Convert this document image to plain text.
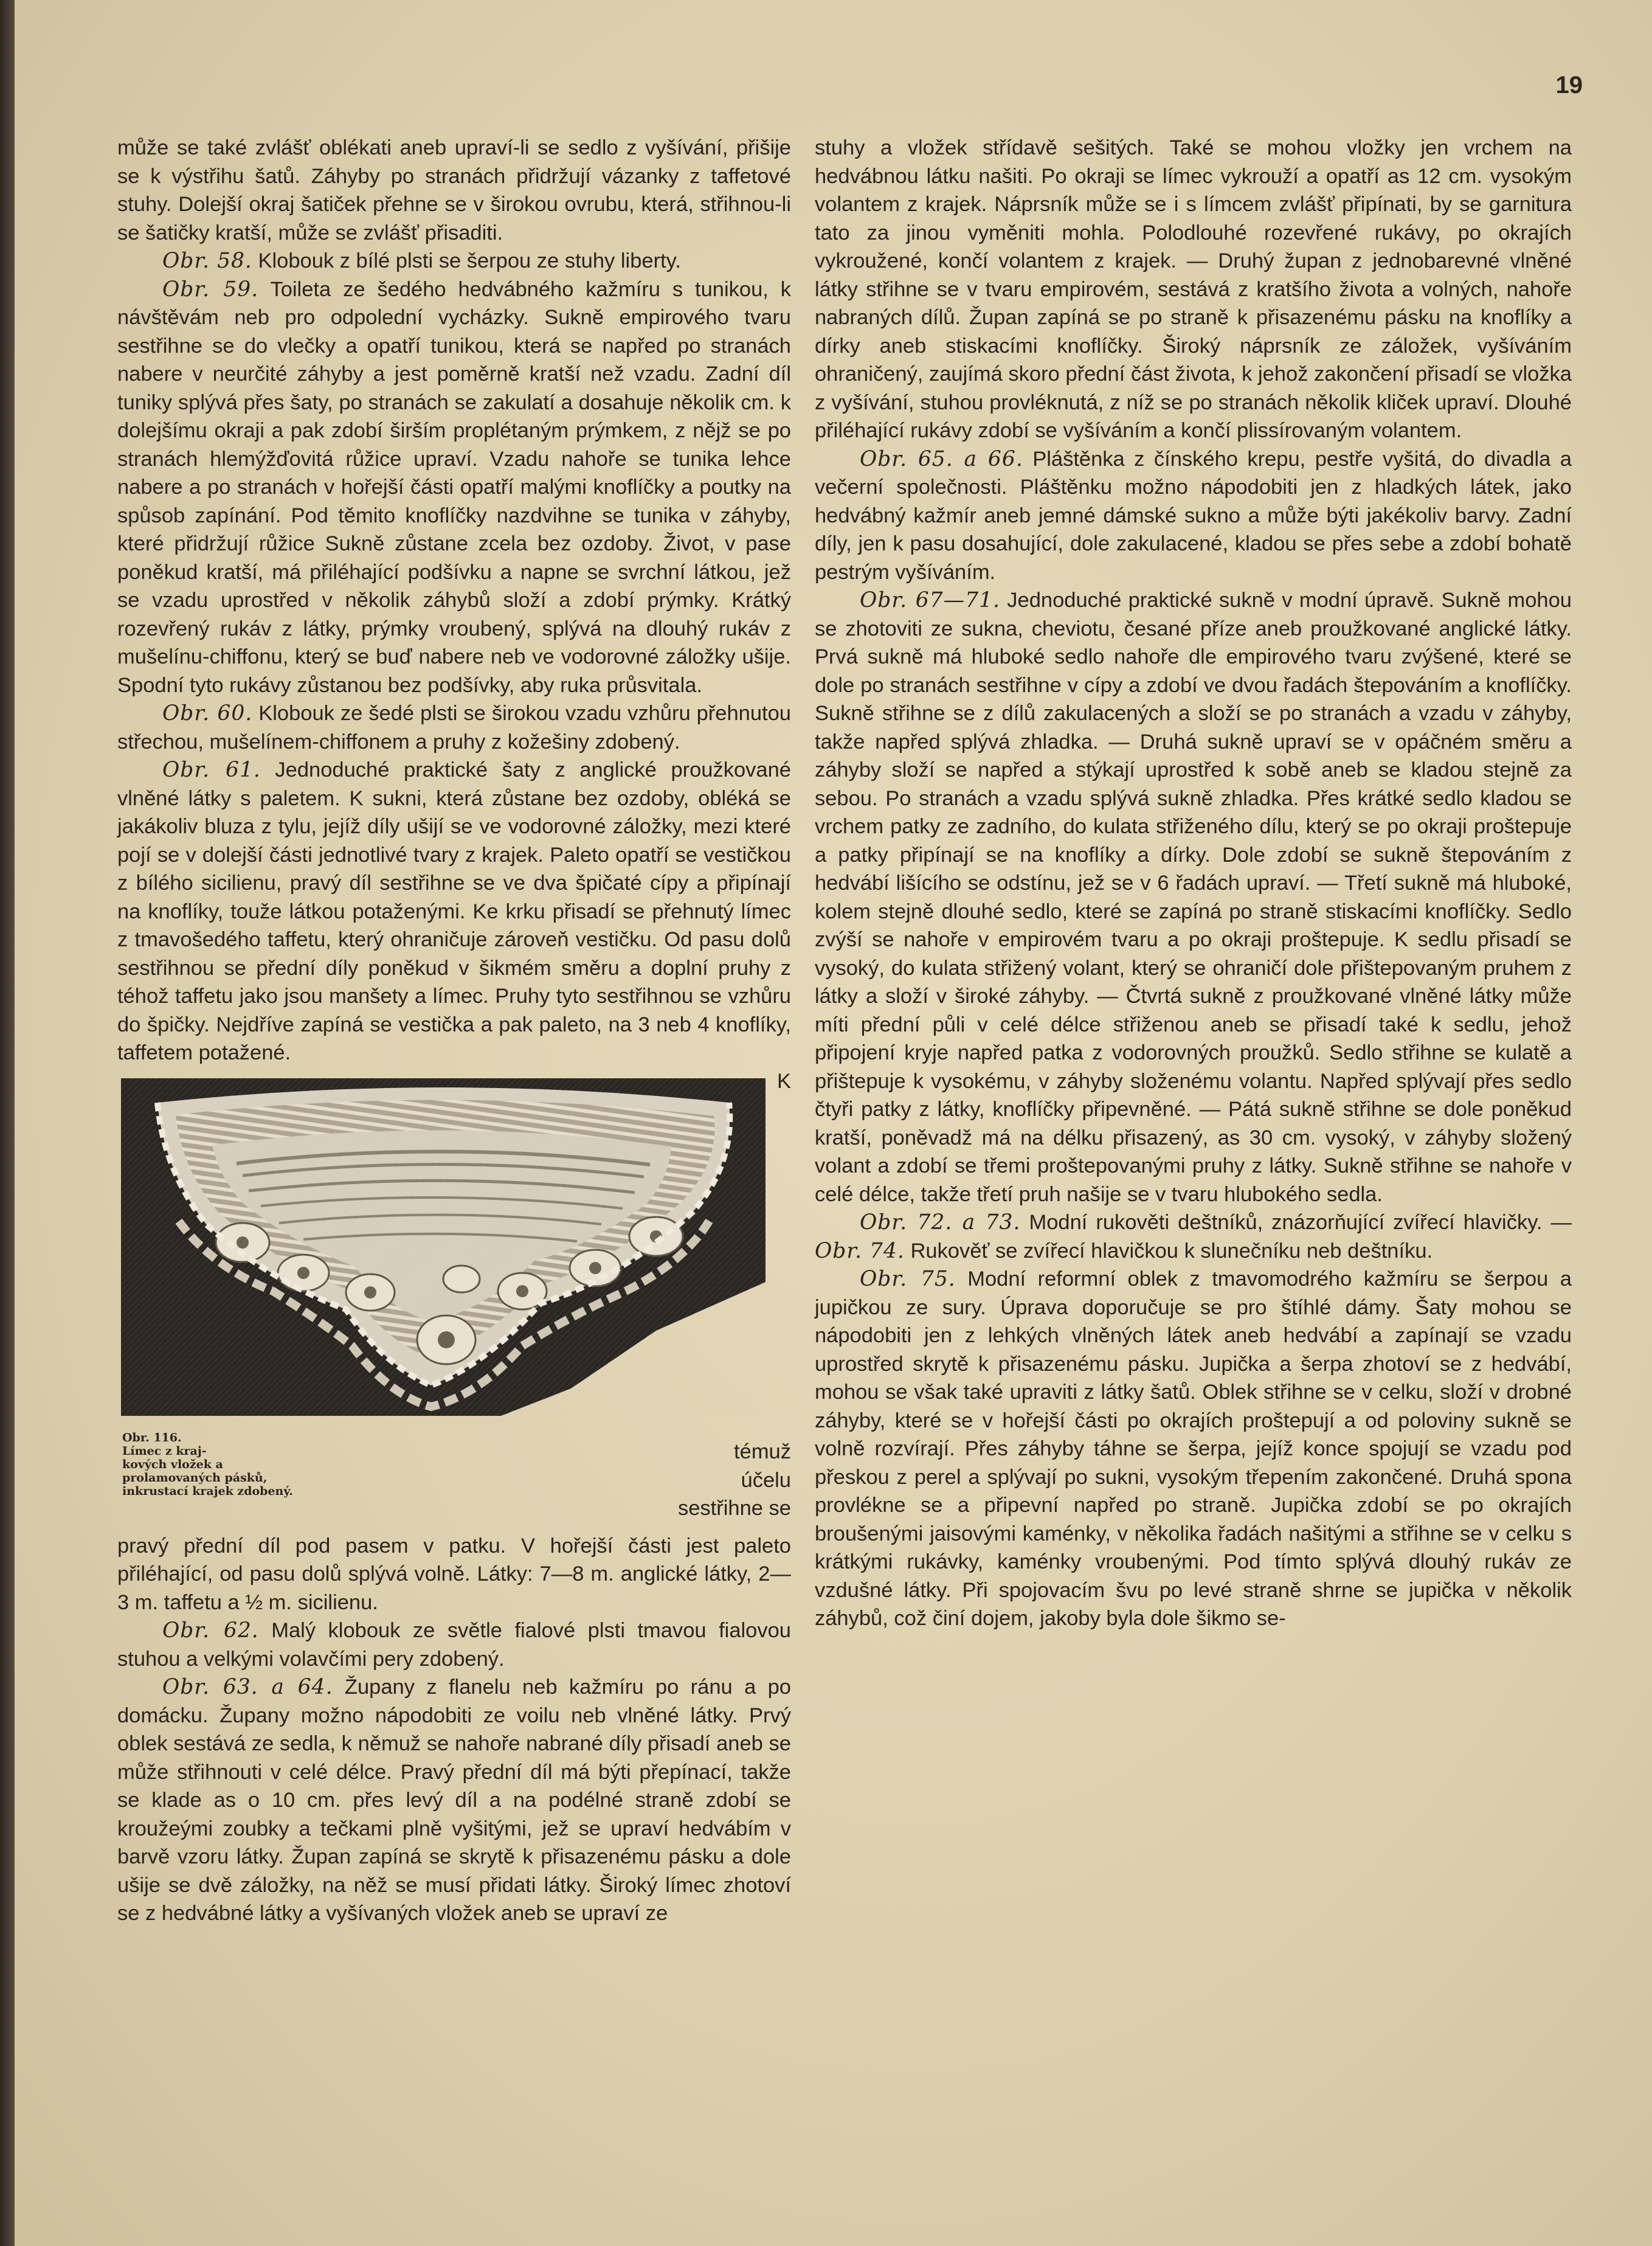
19

může se také zvlášť oblékati aneb upraví-li se sedlo z vyšívání, přišije se k výstřihu šatů. Záhyby po stranách přidržují vázanky z taffetové stuhy. Dolejší okraj šatiček přehne se v širokou ovrubu, která, střihnou-li se šatičky kratší, může se zvlášť přisaditi.

Obr. 58. Klobouk z bílé plsti se šerpou ze stuhy liberty.

Obr. 59. Toileta ze šedého hedvábného kažmíru s tunikou, k návštěvám neb pro odpolední vycházky. Sukně empirového tvaru sestřihne se do vlečky a opatří tunikou, která se napřed po stranách nabere v neurčité záhyby a jest poměrně kratší než vzadu. Zadní díl tuniky splývá přes šaty, po stranách se zakulatí a dosahuje několik cm. k dolejšímu okraji a pak zdobí širším proplétaným prýmkem, z nějž se po stranách hlemýžďovitá růžice upraví. Vzadu nahoře se tunika lehce nabere a po stranách v hořejší části opatří malými knoflíčky a poutky na spůsob zapínání. Pod těmito knoflíčky nazdvihne se tunika v záhyby, které přidržují růžice Sukně zůstane zcela bez ozdoby. Život, v pase poněkud kratší, má přiléhající podšívku a napne se svrchní látkou, jež se vzadu uprostřed v několik záhybů složí a zdobí prýmky. Krátký rozevřený rukáv z látky, prýmky vroubený, splývá na dlouhý rukáv z mušelínu-chiffonu, který se buď nabere neb ve vodorovné záložky ušije. Spodní tyto rukávy zůstanou bez podšívky, aby ruka průsvitala.

Obr. 60. Klobouk ze šedé plsti se širokou vzadu vzhůru přehnutou střechou, mušelínem-chiffonem a pruhy z kožešiny zdobený.

Obr. 61. Jednoduché praktické šaty z anglické proužkované vlněné látky s paletem. K sukni, která zůstane bez ozdoby, obléká se jakákoliv bluza z tylu, jejíž díly ušijí se ve vodorovné záložky, mezi které pojí se v dolejší části jednotlivé tvary z krajek. Paleto opatří se vestičkou z bílého sicilienu, pravý díl sestřihne se ve dva špičaté cípy a připínají na knoflíky, touže látkou potaženými. Ke krku přisadí se přehnutý límec z tmavošedého taffetu, který ohraničuje zároveň vestičku. Od pasu dolů sestřihnou se přední díly poněkud v šikmém směru a doplní pruhy z téhož taffetu jako jsou manšety a límec. Pruhy tyto sestřihnou se vzhůru do špičky. Nejdříve zapíná se vestička a pak paleto, na 3 neb 4 knoflíky, taffetem potažené.

Obr. 116.
Límec z kraj-
kových vložek a
prolamovaných pásků,
inkrustací krajek zdobený.

K témuž účelu sestřihne se

pravý přední díl pod pasem v patku. V hořejší části jest paleto přiléhající, od pasu dolů splývá volně. Látky: 7—8 m. anglické látky, 2—3 m. taffetu a ½ m. sicilienu.

Obr. 62. Malý klobouk ze světle fialové plsti tmavou fialovou stuhou a velkými volavčími pery zdobený.

Obr. 63. a 64. Župany z flanelu neb kažmíru po ránu a po domácku. Župany možno nápodobiti ze voilu neb vlněné látky. Prvý oblek sestává ze sedla, k němuž se nahoře nabrané díly přisadí aneb se může střihnouti v celé délce. Pravý přední díl má býti přepínací, takže se klade as o 10 cm. přes levý díl a na podélné straně zdobí se kroužeými zoubky a tečkami plně vyšitými, jež se upraví hedvábím v barvě vzoru látky. Župan zapíná se skrytě k přisazenému pásku a dole ušije se dvě záložky, na něž se musí přidati látky. Široký límec zhotoví se z hedvábné látky a vyšívaných vložek aneb se upraví ze

stuhy a vložek střídavě sešitých. Také se mohou vložky jen vrchem na hedvábnou látku našiti. Po okraji se límec vykrouží a opatří as 12 cm. vysokým volantem z krajek. Náprsník může se i s límcem zvlášť připínati, by se garnitura tato za jinou vyměniti mohla. Polodlouhé rozevřené rukávy, po okrajích vykroužené, končí volantem z krajek. — Druhý župan z jednobarevné vlněné látky střihne se v tvaru empirovém, sestává z kratšího života a volných, nahoře nabraných dílů. Župan zapíná se po straně k přisazenému pásku na knoflíky a dírky aneb stiskacími knoflíčky. Široký náprsník ze záložek, vyšíváním ohraničený, zaujímá skoro přední část života, k jehož zakončení přisadí se vložka z vyšívání, stuhou provléknutá, z níž se po stranách několik kliček upraví. Dlouhé přiléhající rukávy zdobí se vyšíváním a končí plissírovaným volantem.

Obr. 65. a 66. Pláštěnka z čínského krepu, pestře vyšitá, do divadla a večerní společnosti. Pláštěnku možno nápodobiti jen z hladkých látek, jako hedvábný kažmír aneb jemné dámské sukno a může býti jakékoliv barvy. Zadní díly, jen k pasu dosahující, dole zakulacené, kladou se přes sebe a zdobí bohatě pestrým vyšíváním.

Obr. 67—71. Jednoduché praktické sukně v modní úpravě. Sukně mohou se zhotoviti ze sukna, cheviotu, česané příze aneb proužkované anglické látky. Prvá sukně má hluboké sedlo nahoře dle empirového tvaru zvýšené, které se dole po stranách sestřihne v cípy a zdobí ve dvou řadách štepováním a knoflíčky. Sukně střihne se z dílů zakulacených a složí se po stranách a vzadu v záhyby, takže napřed splývá zhladka. — Druhá sukně upraví se v opáčném směru a záhyby složí se napřed a stýkají uprostřed k sobě aneb se kladou stejně za sebou. Po stranách a vzadu splývá sukně zhladka. Přes krátké sedlo kladou se vrchem patky ze zadního, do kulata střiženého dílu, který se po okraji proštepuje a patky připínají se na knoflíky a dírky. Dole zdobí se sukně štepováním z hedvábí lišícího se odstínu, jež se v 6 řadách upraví. — Třetí sukně má hluboké, kolem stejně dlouhé sedlo, které se zapíná po straně stiskacími knoflíčky. Sedlo zvýší se nahoře v empirovém tvaru a po okraji proštepuje. K sedlu přisadí se vysoký, do kulata střižený volant, který se ohraničí dole přištepovaným pruhem z látky a složí v široké záhyby. — Čtvrtá sukně z proužkované vlněné látky může míti přední půli v celé délce střiženou aneb se přisadí také k sedlu, jehož připojení kryje napřed patka z vodorovných proužků. Sedlo střihne se kulatě a přištepuje k vysokému, v záhyby složenému volantu. Napřed splývají přes sedlo čtyři patky z látky, knoflíčky připevněné. — Pátá sukně střihne se dole poněkud kratší, poněvadž má na délku přisazený, as 30 cm. vysoký, v záhyby složený volant a zdobí se třemi proštepovanými pruhy z látky. Sukně střihne se nahoře v celé délce, takže třetí pruh našije se v tvaru hlubokého sedla.

Obr. 72. a 73. Modní rukověti deštníků, znázorňující zvířecí hlavičky. — Obr. 74. Rukověť se zvířecí hlavičkou k slunečníku neb deštníku.

Obr. 75. Modní reformní oblek z tmavomodrého kažmíru se šerpou a jupičkou ze sury. Úprava doporučuje se pro štíhlé dámy. Šaty mohou se nápodobiti jen z lehkých vlněných látek aneb hedvábí a zapínají se vzadu uprostřed skrytě k přisazenému pásku. Jupička a šerpa zhotoví se z hedvábí, mohou se však také upraviti z látky šatů. Oblek střihne se v celku, složí v drobné záhyby, které se v hořejší části po okrajích proštepují a od poloviny sukně se volně rozvírají. Přes záhyby táhne se šerpa, jejíž konce spojují se vzadu pod přeskou z perel a splývají po sukni, vysokým třepením zakončené. Druhá spona provlékne se a připevní napřed po straně. Jupička zdobí se po okrajích broušenými jaisovými kaménky, v několika řadách našitými a střihne se v celku s krátkými rukávky, kaménky vroubenými. Pod tímto splývá dlouhý rukáv ze vzdušné látky. Při spojovacím švu po levé straně shrne se jupička v několik záhybů, což činí dojem, jakoby byla dole šikmo se-
